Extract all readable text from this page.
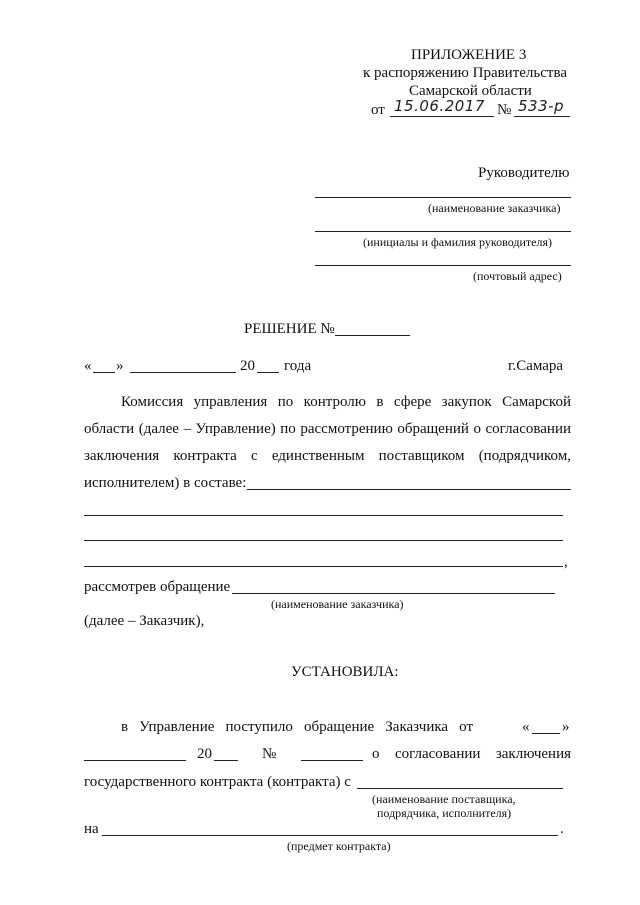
ПРИЛОЖЕНИЕ 3
к распоряжению Правительства
Самарской области
от 15.06.2017 № 533-р
Руководителю
(наименование заказчика)
(инициалы и фамилия руководителя)
(почтовый адрес)
РЕШЕНИЕ №
« »	20 года	г.Самара
Комиссия управления по контролю в сфере закупок Самарской
области (далее – Управление) по рассмотрению обращений о согласовании
заключения контракта с единственным поставщиком (подрядчиком,
исполнителем) в составе:
,
рассмотрев обращение
(наименование заказчика)
(далее – Заказчик),
УСТАНОВИЛА:
в Управление поступило обращение Заказчика от	« »
20	№	о согласовании заключения
государственного контракта (контракта) с
(наименование поставщика,
подрядчика, исполнителя)
на	.
(предмет контракта)
